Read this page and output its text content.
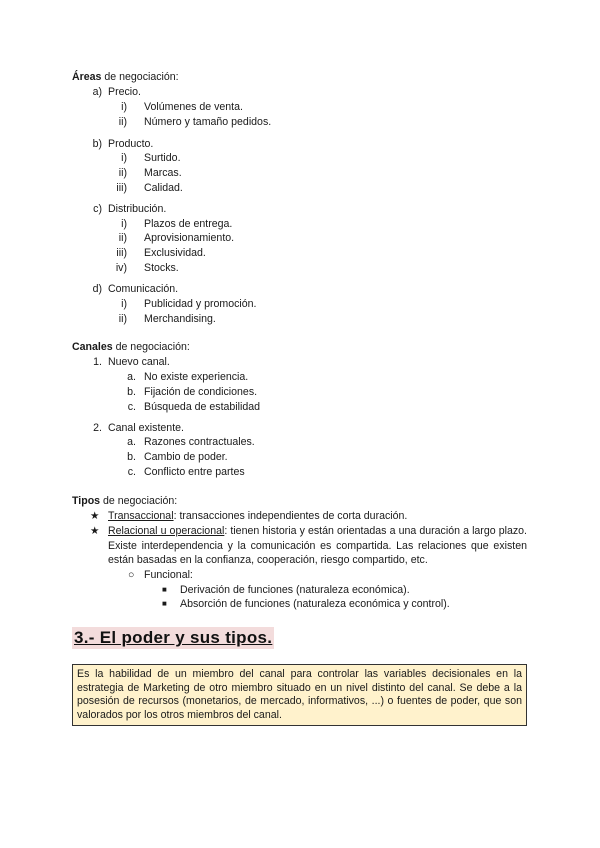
Áreas de negociación:
a) Precio.
i) Volúmenes de venta.
ii) Número y tamaño pedidos.
b) Producto.
i) Surtido.
ii) Marcas.
iii) Calidad.
c) Distribución.
i) Plazos de entrega.
ii) Aprovisionamiento.
iii) Exclusividad.
iv) Stocks.
d) Comunicación.
i) Publicidad y promoción.
ii) Merchandising.
Canales de negociación:
1. Nuevo canal.
a. No existe experiencia.
b. Fijación de condiciones.
c. Búsqueda de estabilidad
2. Canal existente.
a. Razones contractuales.
b. Cambio de poder.
c. Conflicto entre partes
Tipos de negociación:
★ Transaccional: transacciones independientes de corta duración.
★ Relacional u operacional: tienen historia y están orientadas a una duración a largo plazo. Existe interdependencia y la comunicación es compartida. Las relaciones que existen están basadas en la confianza, cooperación, riesgo compartido, etc.
○ Funcional:
■ Derivación de funciones (naturaleza económica).
■ Absorción de funciones (naturaleza económica y control).
3.- El poder y sus tipos.
Es la habilidad de un miembro del canal para controlar las variables decisionales en la estrategia de Marketing de otro miembro situado en un nivel distinto del canal. Se debe a la posesión de recursos (monetarios, de mercado, informativos, ...) o fuentes de poder, que son valorados por los otros miembros del canal.
